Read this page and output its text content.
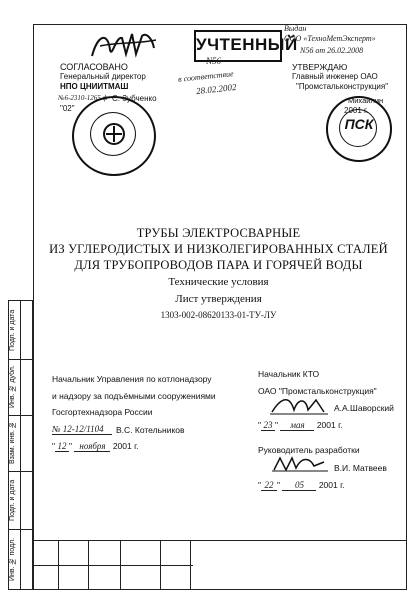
Подп. и дата
Инв. № дубл.
Взам. инв. №
Подп. и дата
Инв. № подл.
СОГЛАСОВАНО
Генеральный директор
НПО ЦНИИТМАШ
№6-2310-1265 ф С. Зубченко
"02"
УЧТЕННЫЙ
N56
в соответствие
28.02.2002
Выдан
ООО «ТехноМетЭксперт»
N56 от 26.02.2008
УТВЕРЖДАЮ
Главный инженер ОАО
"Промстальконструкция"
Михайлин
2001 г.
ПСК
ТРУБЫ ЭЛЕКТРОСВАРНЫЕ
ИЗ УГЛЕРОДИСТЫХ И НИЗКОЛЕГИРОВАННЫХ СТАЛЕЙ
ДЛЯ ТРУБОПРОВОДОВ ПАРА И ГОРЯЧЕЙ ВОДЫ
Технические условия
Лист утверждения
1303-002-08620133-01-ТУ-ЛУ
Начальник Управления по котлонадзору
и надзору за подъёмными сооружениями
Госгортехнадзора России
№ 12-12/1104	В.С. Котельников
" 12 " ноября 2001 г.
Начальник КТО
ОАО "Промстальконструкция"
А.А.Шаворский
" 23 " мая 2001 г.
Руководитель разработки
В.И. Матвеев
" 22 " 05 2001 г.
